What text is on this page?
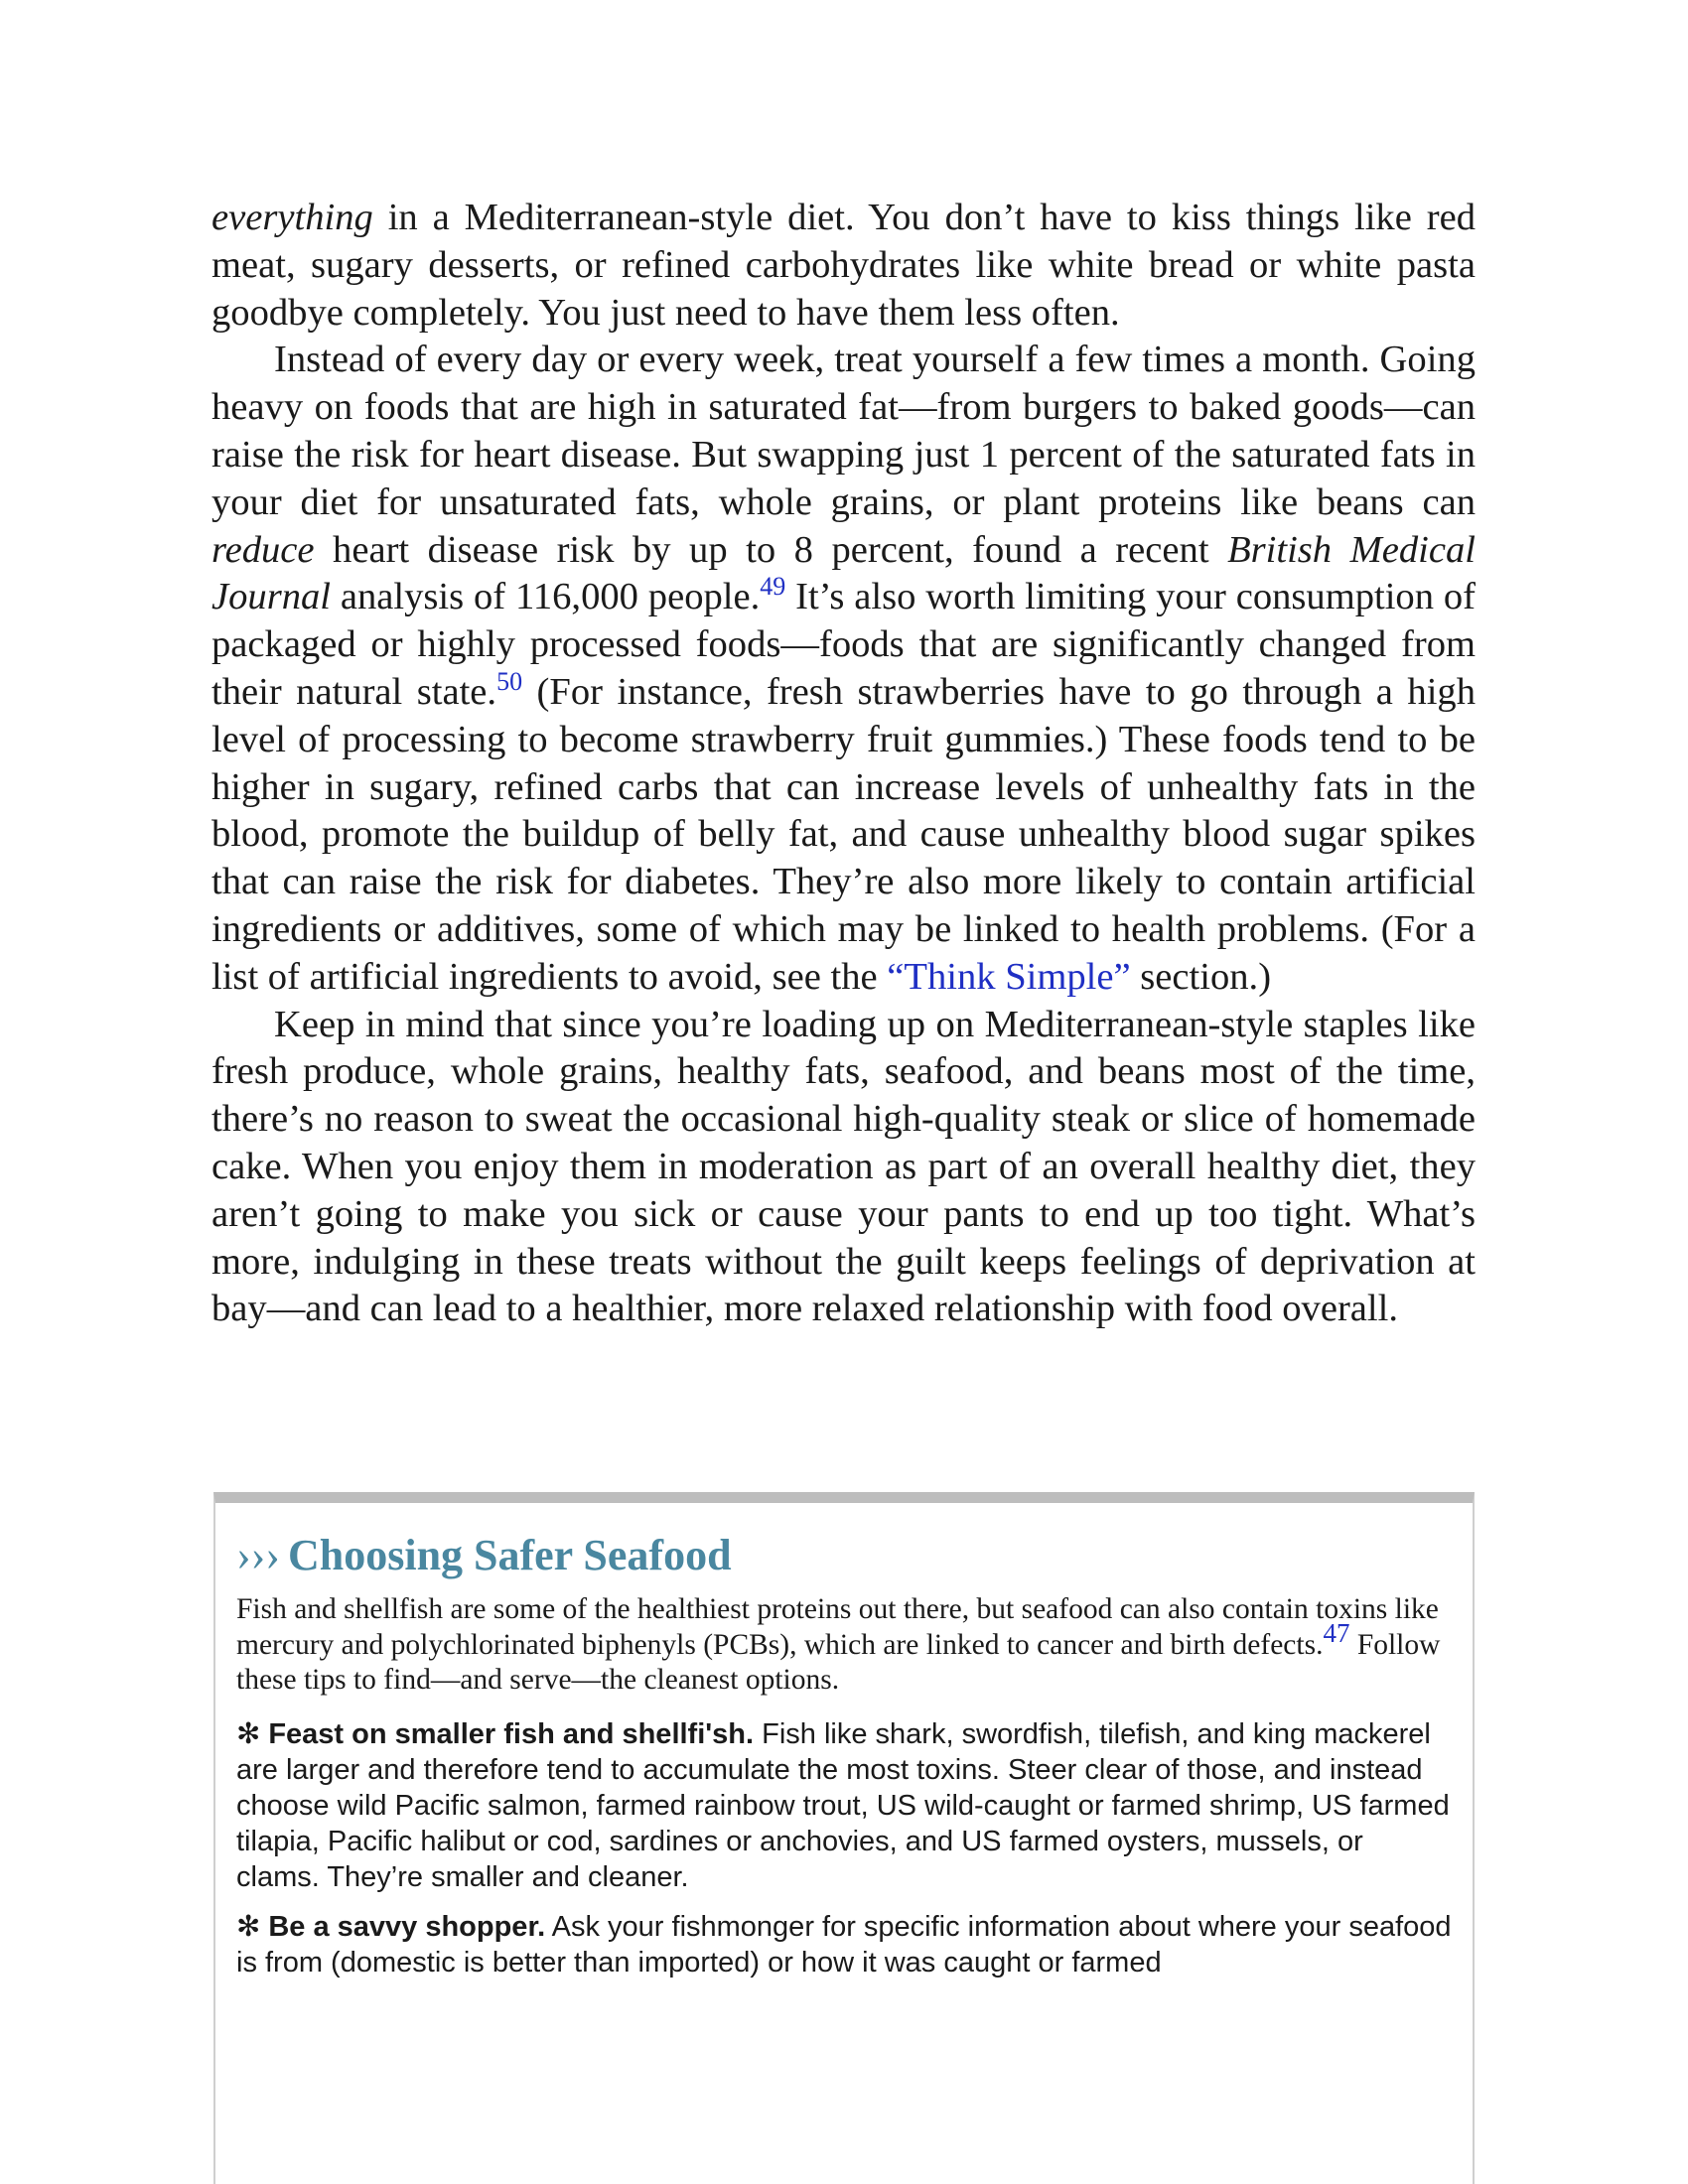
everything in a Mediterranean-style diet. You don’t have to kiss things like red meat, sugary desserts, or refined carbohydrates like white bread or white pasta goodbye completely. You just need to have them less often.

Instead of every day or every week, treat yourself a few times a month. Going heavy on foods that are high in saturated fat—from burgers to baked goods—can raise the risk for heart disease. But swapping just 1 percent of the saturated fats in your diet for unsaturated fats, whole grains, or plant proteins like beans can reduce heart disease risk by up to 8 percent, found a recent British Medical Journal analysis of 116,000 people.$^{49}$ It’s also worth limiting your consumption of packaged or highly processed foods—foods that are significantly changed from their natural state.$^{50}$ (For instance, fresh strawberries have to go through a high level of processing to become strawberry fruit gummies.) These foods tend to be higher in sugary, refined carbs that can increase levels of unhealthy fats in the blood, promote the buildup of belly fat, and cause unhealthy blood sugar spikes that can raise the risk for diabetes. They’re also more likely to contain artificial ingredients or additives, some of which may be linked to health problems. (For a list of artificial ingredients to avoid, see the “Think Simple” section.)

Keep in mind that since you’re loading up on Mediterranean-style staples like fresh produce, whole grains, healthy fats, seafood, and beans most of the time, there’s no reason to sweat the occasional high-quality steak or slice of homemade cake. When you enjoy them in moderation as part of an overall healthy diet, they aren’t going to make you sick or cause your pants to end up too tight. What’s more, indulging in these treats without the guilt keeps feelings of deprivation at bay—and can lead to a healthier, more relaxed relationship with food overall.

››› Choosing Safer Seafood

Fish and shellfish are some of the healthiest proteins out there, but seafood can also contain toxins like mercury and polychlorinated biphenyls (PCBs), which are linked to cancer and birth defects.$^{47}$ Follow these tips to find—and serve—the cleanest options.

✻ Feast on smaller fish and shellfi'sh. Fish like shark, swordfish, tilefish, and king mackerel are larger and therefore tend to accumulate the most toxins. Steer clear of those, and instead choose wild Pacific salmon, farmed rainbow trout, US wild-caught or farmed shrimp, US farmed tilapia, Pacific halibut or cod, sardines or anchovies, and US farmed oysters, mussels, or clams. They’re smaller and cleaner.

✻ Be a savvy shopper. Ask your fishmonger for specific information about where your seafood is from (domestic is better than imported) or how it was caught or farmed
